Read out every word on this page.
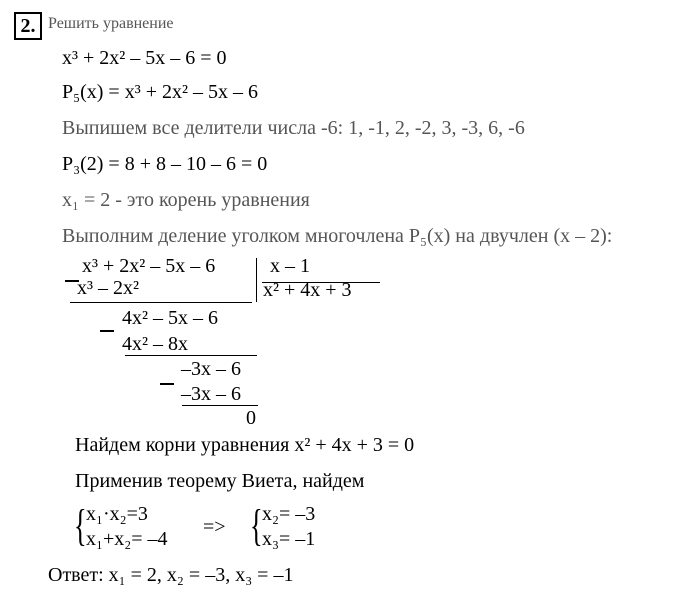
2. Решить уравнение
x³ + 2x² – 5x – 6 = 0
P₅(x) = x³ + 2x² – 5x – 6
Выпишем все делители числа -6: 1, -1, 2, -2, 3, -3, 6, -6
P₃(2) = 8 + 8 – 10 – 6 = 0
x₁ = 2 - это корень уравнения
Выполним деление уголком многочлена P₅(x) на двучлен (x – 2):
x³ + 2x² – 5x – 6
x³ – 2x²
x – 1
x² + 4x + 3
4x² – 5x – 6
4x² – 8x
–3x – 6
–3x – 6
0
Найдем корни уравнения x² + 4x + 3 = 0
Применив теорему Виета, найдем
{ x₁·x₂=3
x₁+x₂= –4
=> { x₂= –3
x₃= –1
Ответ: x₁ = 2, x₂ = –3, x₃ = –1
